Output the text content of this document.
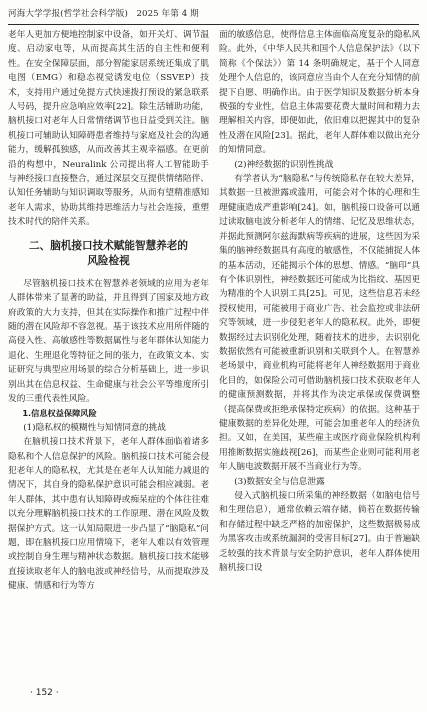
河海大学学报(哲学社会科学版) 2025 年第 4 期

老年人更加方便地控制家中设备，如开关灯、调节温度、启动家电等，从而提高其生活的自主性和便利性。在安全保障层面，部分智能家居系统还集成了肌电图（EMG）和稳态视觉诱发电位（SSVEP）技术，支持用户通过免提方式快速拨打预设的紧急联系人号码，提升应急响应效率[22]。除生活辅助功能，脑机接口对老年人日常情绪调节也日益受到关注。脑机接口可辅助认知障碍患者维持与家庭及社会的沟通能力，缓解孤独感，从而改善其主观幸福感。在更前沿的构想中，Neuralink 公司提出将人工智能助手与神经接口直接整合，通过深层交互提供情绪陪伴、认知任务辅助与知识调取等服务，从而有望精准感知老年人需求，协助其维持思维活力与社会连接，重塑技术时代的陪伴关系。

二、脑机接口技术赋能智慧养老的
风险检视

尽管脑机接口技术在智慧养老领域的应用为老年人群体带来了显著的助益，并且得到了国家及地方政府政策的大力支持，但其在实际操作和推广过程中伴随的潜在风险却不容忽视。基于该技术应用所伴随的高侵入性、高敏感性等数据属性与老年群体认知能力退化、生理退化等特征之间的张力，在政策文本、实证研究与典型应用场景的综合分析基础上，进一步识别出其在信息权益、生命健康与社会公平等维度所引发的三重代表性风险。

1.信息权益保障风险

(1)隐私权的模糊性与知情同意的挑战

在脑机接口技术背景下，老年人群体面临着诸多隐私和个人信息保护的风险。脑机接口技术可能会侵犯老年人的隐私权，尤其是在老年人认知能力减退的情况下，其自身的隐私保护意识可能会相应减弱。老年人群体，其中患有认知障碍或痴呆症的个体往往难以充分理解脑机接口技术的工作原理、潜在风险及数据保护方式。这一认知局限进一步凸显了“脑隐私”问题，即在脑机接口应用情境下，老年人难以有效管理或控制自身生理与精神状态数据。脑机接口技术能够直接读取老年人的脑电波或神经信号，从而提取涉及健康、情感和行为等方

面的敏感信息，使得信息主体面临高度复杂的隐私风险。此外，《中华人民共和国个人信息保护法》（以下简称《个保法》）第 14 条明确规定，基于个人同意处理个人信息的，该同意应当由个人在充分知情的前提下自愿、明确作出。由于医学知识及数据分析本身极强的专业性，信息主体需要花费大量时间和精力去理解相关内容，即便如此，依旧难以把握其中的复杂性及潜在风险[23]。据此，老年人群体难以做出充分的知情同意。

(2)神经数据的识别性挑战

有学者认为“脑隐私”与传统隐私存在较大差异，其数据一旦被泄露或滥用，可能会对个体的心理和生理健康造成严重影响[24]。如，脑机接口设备可以通过读取脑电波分析老年人的情绪、记忆及思维状态，并据此预测阿尔兹海默病等疾病的进展，这些因为采集的脑神经数据具有高度的敏感性，不仅能捕捉人体的基本活动，还能揭示个体的思想、情感。“脑印”具有个体识别性，神经数据还可能成为比指纹、基因更为精准的个人识别工具[25]。可见，这些信息若未经授权使用，可能被用于商业广告、社会监控或非法研究等领域，进一步侵犯老年人的隐私权。此外，即便数据经过去识别化处理，随着技术的进步，去识别化数据依然有可能被重新识别和关联到个人。在智慧养老场景中，商业机构可能将老年人神经数据用于商业化目的，如保险公司可借助脑机接口技术获取老年人的健康预测数据，并将其作为决定承保或保费调整（提高保费或拒绝承保特定疾病）的依据。这种基于健康数据的差异化处理，可能会加重老年人的经济负担。又如，在美国，某些雇主或医疗商业保险机构利用推断数据实施歧视[26]，而某些企业则可能利用老年人脑电波数据开展不当商业行为等。

(3)数据安全与信息泄露

侵入式脑机接口所采集的神经数据（如脑电信号和生理信息），通常依赖云端存储，倘若在数据传输和存储过程中缺乏严格的加密保护，这些数据极易成为黑客攻击或系统漏洞的受害目标[27]。由于普遍缺乏较强的技术背景与安全防护意识，老年人群体使用脑机接口设

· 152 ·
